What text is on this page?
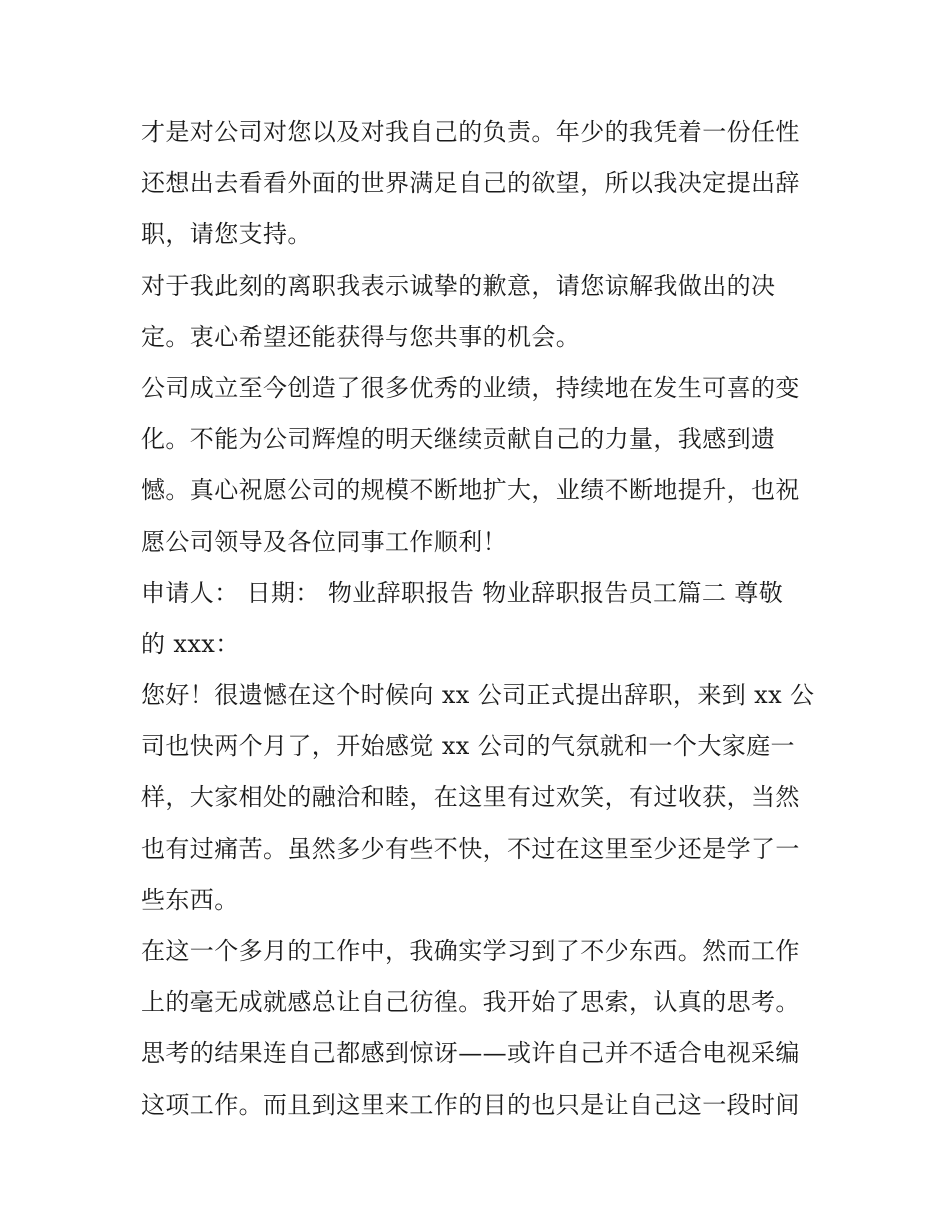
才是对公司对您以及对我自己的负责。年少的我凭着一份任性
还想出去看看外面的世界满足自己的欲望，所以我决定提出辞
职，请您支持。
对于我此刻的离职我表示诚挚的歉意，请您谅解我做出的决
定。衷心希望还能获得与您共事的机会。
公司成立至今创造了很多优秀的业绩，持续地在发生可喜的变
化。不能为公司辉煌的明天继续贡献自己的力量，我感到遗
憾。真心祝愿公司的规模不断地扩大，业绩不断地提升，也祝
愿公司领导及各位同事工作顺利！
申请人： 日期： 物业辞职报告 物业辞职报告员工篇二 尊敬
的 xxx：
您好！很遗憾在这个时候向 xx 公司正式提出辞职，来到 xx 公
司也快两个月了，开始感觉 xx 公司的气氛就和一个大家庭一
样，大家相处的融洽和睦，在这里有过欢笑，有过收获，当然
也有过痛苦。虽然多少有些不快，不过在这里至少还是学了一
些东西。
在这一个多月的工作中，我确实学习到了不少东西。然而工作
上的毫无成就感总让自己彷徨。我开始了思索，认真的思考。
思考的结果连自己都感到惊讶——或许自己并不适合电视采编
这项工作。而且到这里来工作的目的也只是让自己这一段时间
